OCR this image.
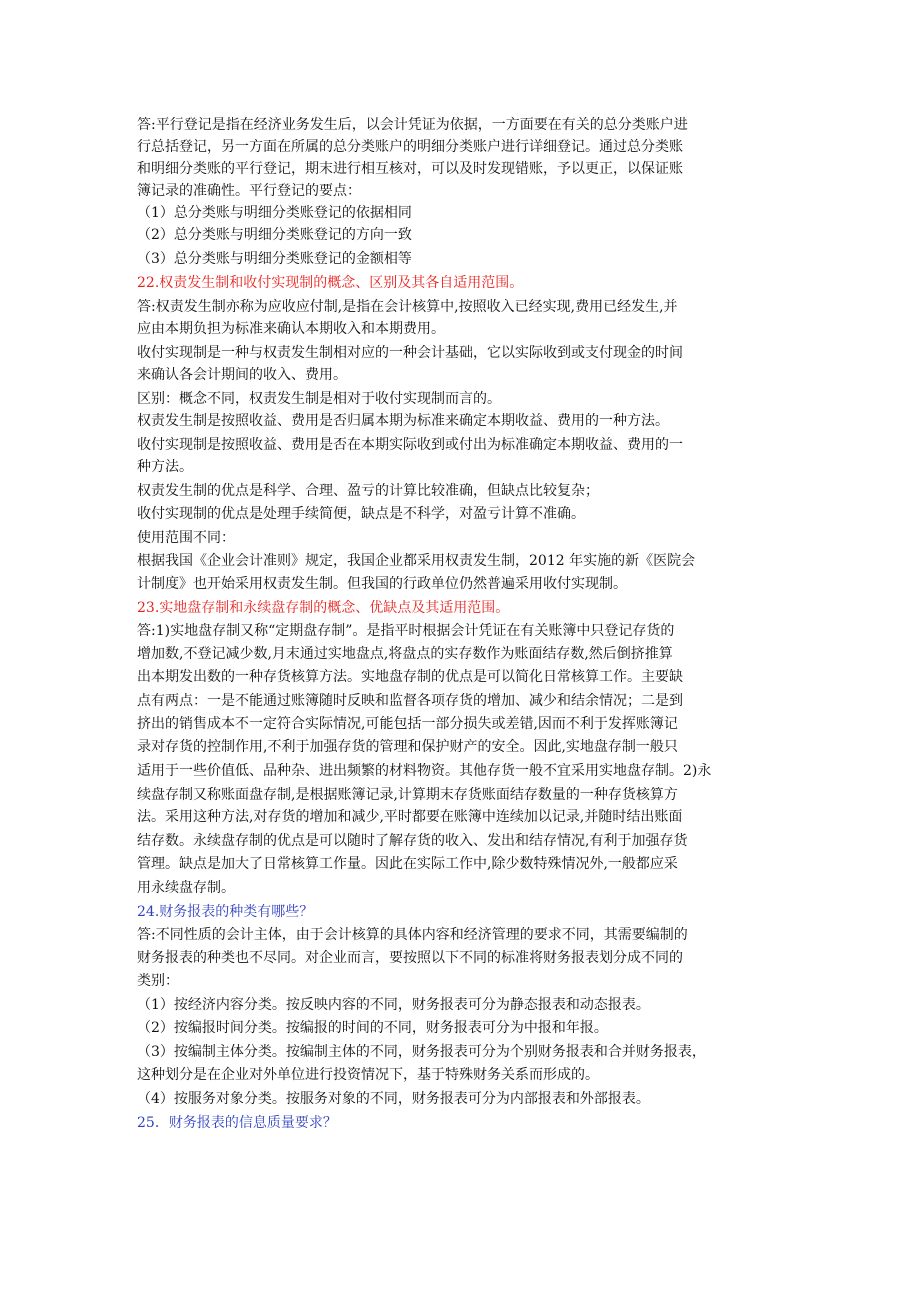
答:平行登记是指在经济业务发生后，以会计凭证为依据，一方面要在有关的总分类账户进
行总括登记，另一方面在所属的总分类账户的明细分类账户进行详细登记。通过总分类账
和明细分类账的平行登记，期末进行相互核对，可以及时发现错账，予以更正，以保证账
簿记录的准确性。平行登记的要点：
（1）总分类账与明细分类账登记的依据相同
（2）总分类账与明细分类账登记的方向一致
（3）总分类账与明细分类账登记的金额相等
22.权责发生制和收付实现制的概念、区别及其各自适用范围。
答:权责发生制亦称为应收应付制,是指在会计核算中,按照收入已经实现,费用已经发生,并
应由本期负担为标准来确认本期收入和本期费用。
收付实现制是一种与权责发生制相对应的一种会计基础，它以实际收到或支付现金的时间
来确认各会计期间的收入、费用。
区别：概念不同，权责发生制是相对于收付实现制而言的。
权责发生制是按照收益、费用是否归属本期为标准来确定本期收益、费用的一种方法。
收付实现制是按照收益、费用是否在本期实际收到或付出为标准确定本期收益、费用的一
种方法。
权责发生制的优点是科学、合理、盈亏的计算比较准确，但缺点比较复杂；
收付实现制的优点是处理手续简便，缺点是不科学，对盈亏计算不准确。
使用范围不同：
根据我国《企业会计准则》规定，我国企业都采用权责发生制，2012 年实施的新《医院会
计制度》也开始采用权责发生制。但我国的行政单位仍然普遍采用收付实现制。
23.实地盘存制和永续盘存制的概念、优缺点及其适用范围。
答:1)实地盘存制又称“定期盘存制”。是指平时根据会计凭证在有关账簿中只登记存货的
增加数,不登记减少数,月末通过实地盘点,将盘点的实存数作为账面结存数,然后倒挤推算
出本期发出数的一种存货核算方法。实地盘存制的优点是可以简化日常核算工作。主要缺
点有两点：一是不能通过账簿随时反映和监督各项存货的增加、减少和结余情况；二是到
挤出的销售成本不一定符合实际情况,可能包括一部分损失或差错,因而不利于发挥账簿记
录对存货的控制作用,不利于加强存货的管理和保护财产的安全。因此,实地盘存制一般只
适用于一些价值低、品种杂、进出频繁的材料物资。其他存货一般不宜采用实地盘存制。2)永
续盘存制又称账面盘存制,是根据账簿记录,计算期末存货账面结存数量的一种存货核算方
法。采用这种方法,对存货的增加和减少,平时都要在账簿中连续加以记录,并随时结出账面
结存数。永续盘存制的优点是可以随时了解存货的收入、发出和结存情况,有利于加强存货
管理。缺点是加大了日常核算工作量。因此在实际工作中,除少数特殊情况外,一般都应采
用永续盘存制。
24.财务报表的种类有哪些？
答:不同性质的会计主体，由于会计核算的具体内容和经济管理的要求不同，其需要编制的
财务报表的种类也不尽同。对企业而言，要按照以下不同的标准将财务报表划分成不同的
类别：
（1）按经济内容分类。按反映内容的不同，财务报表可分为静态报表和动态报表。
（2）按编报时间分类。按编报的时间的不同，财务报表可分为中报和年报。
（3）按编制主体分类。按编制主体的不同，财务报表可分为个别财务报表和合并财务报表，
这种划分是在企业对外单位进行投资情况下，基于特殊财务关系而形成的。
（4）按服务对象分类。按服务对象的不同，财务报表可分为内部报表和外部报表。
25．财务报表的信息质量要求？
